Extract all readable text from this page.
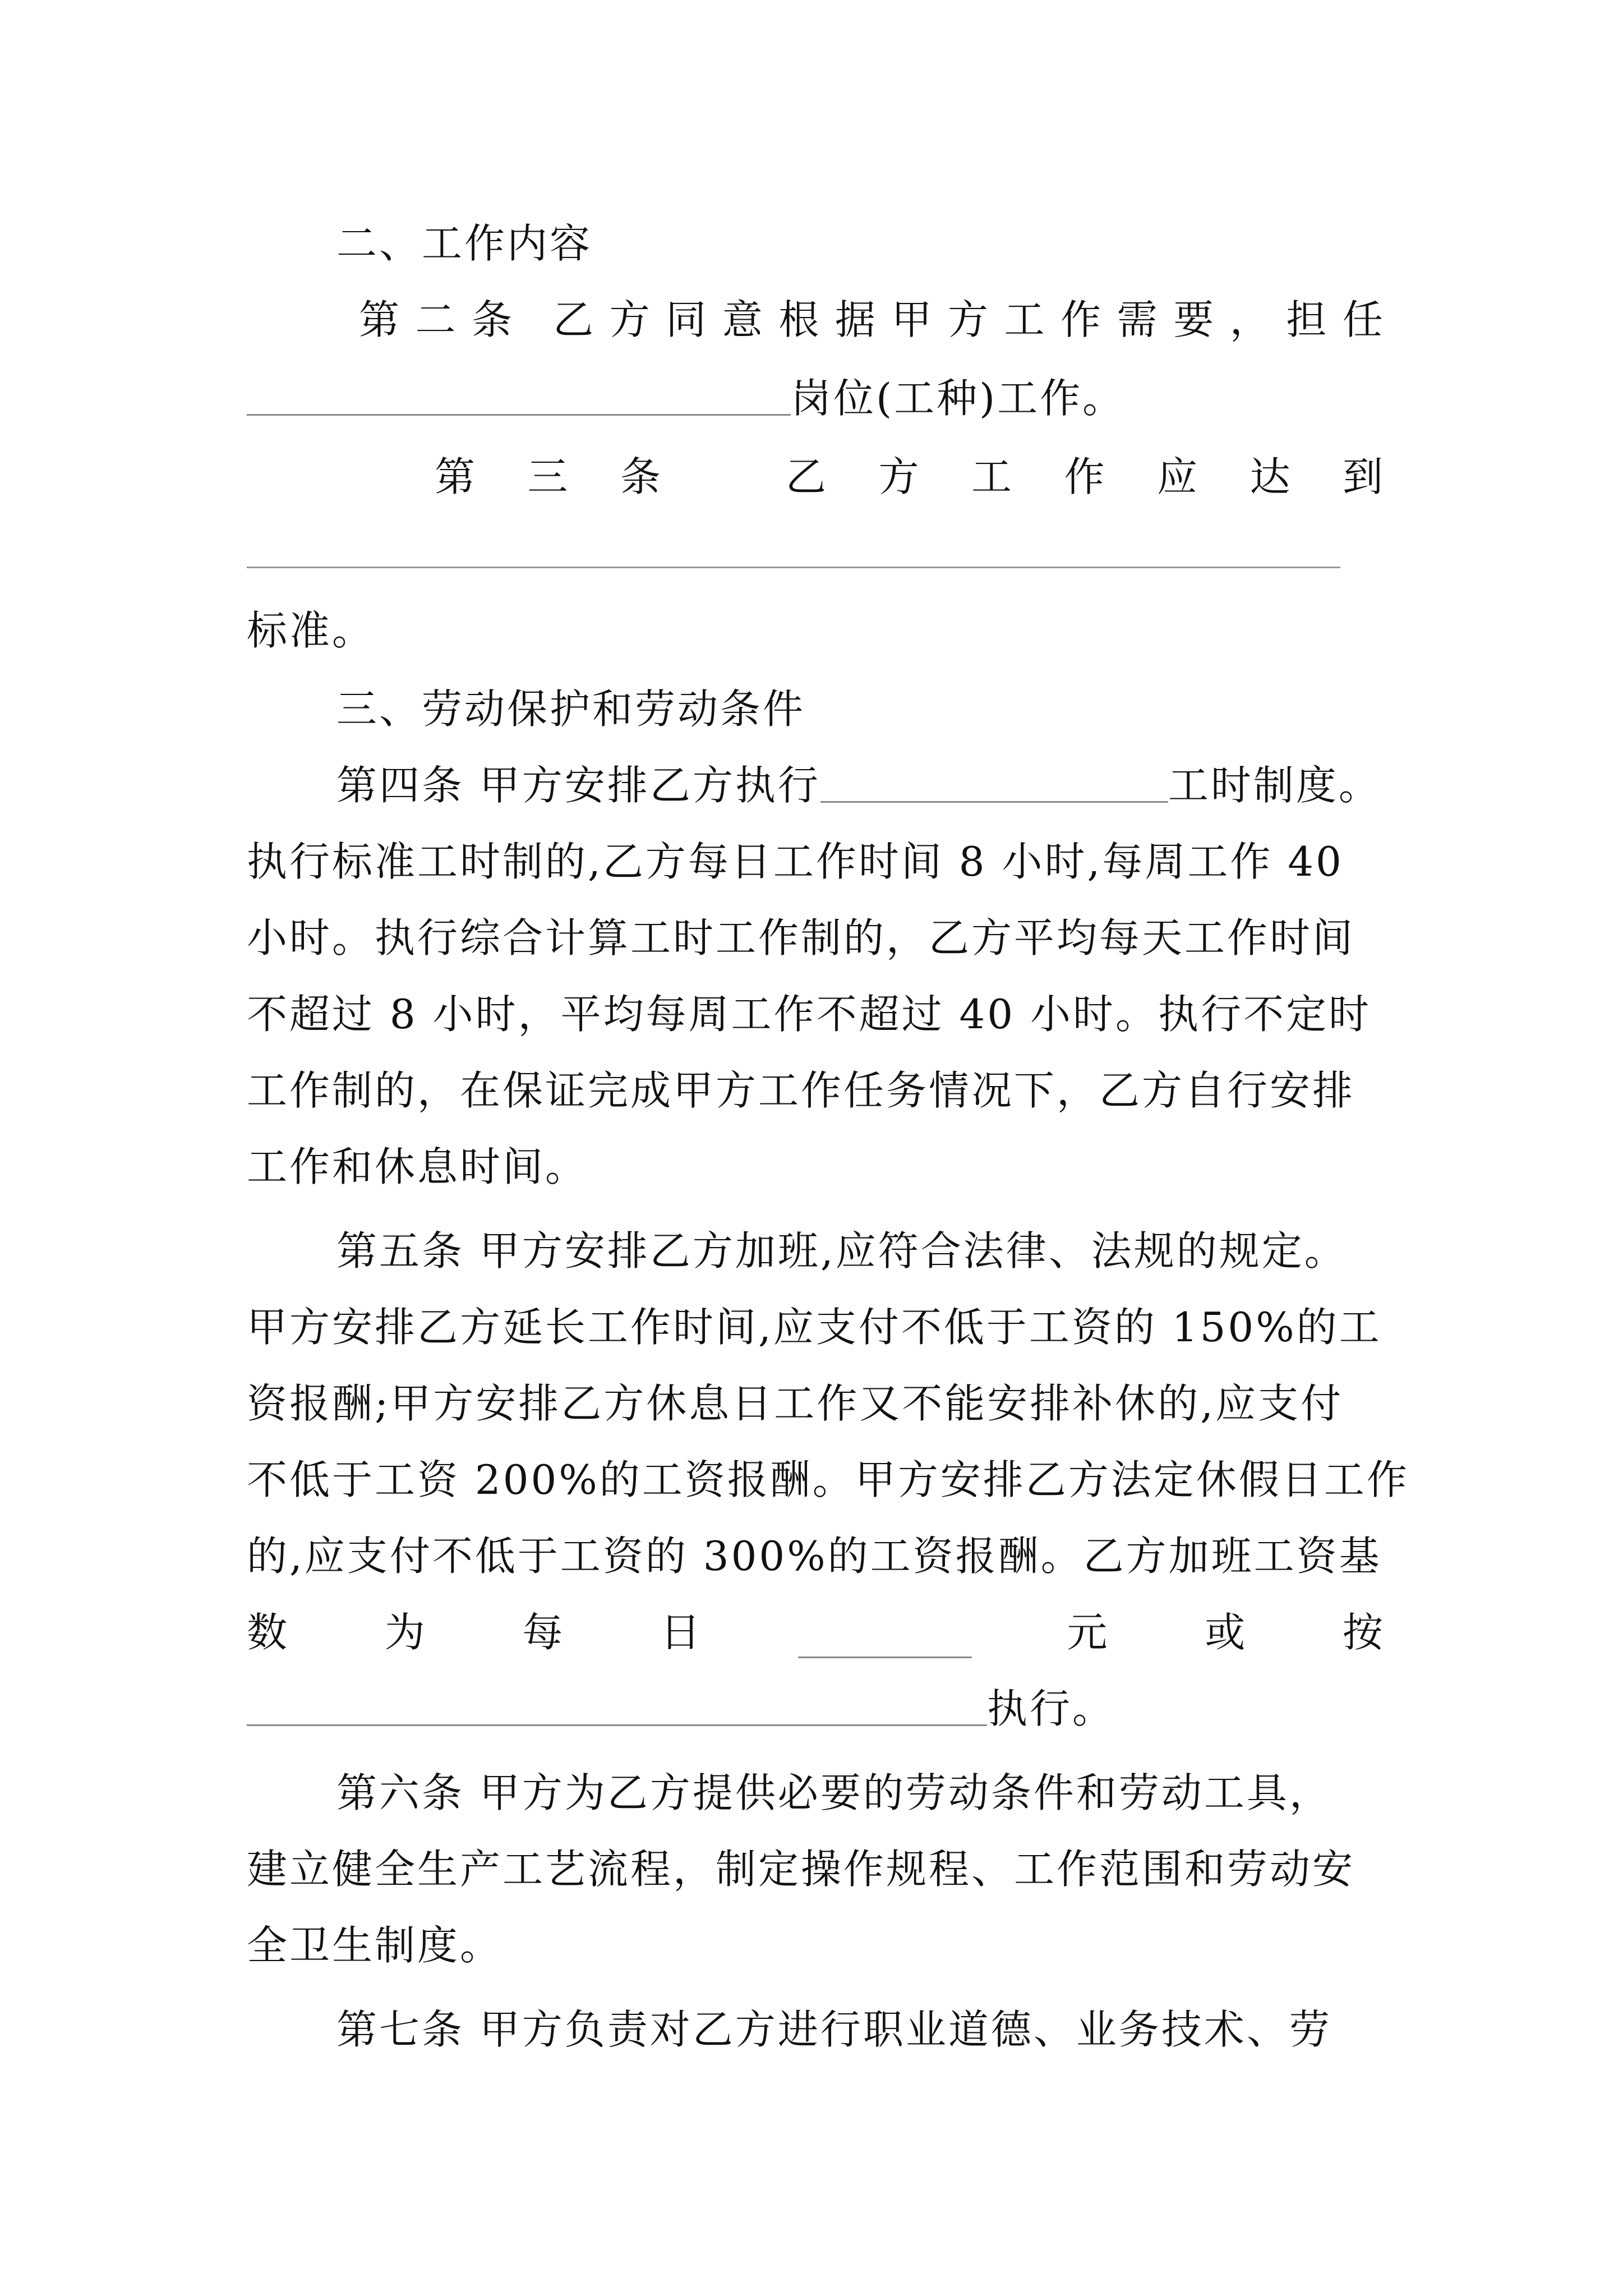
二、工作内容
第 二 条 乙 方 同 意 根 据 甲 方 工 作 需 要 ， 担 任
岗位(工种)工作。
第 三 条	乙 方 工 作 应 达 到
标准。
三、劳动保护和劳动条件
第四条 甲方安排乙方执行	工时制度。
执行标准工时制的,乙方每日工作时间 8 小时,每周工作 40
小时。执行综合计算工时工作制的，乙方平均每天工作时间
不超过 8 小时，平均每周工作不超过 40 小时。执行不定时
工作制的，在保证完成甲方工作任务情况下，乙方自行安排
工作和休息时间。
第五条 甲方安排乙方加班,应符合法律、法规的规定。
甲方安排乙方延长工作时间,应支付不低于工资的 150%的工
资报酬;甲方安排乙方休息日工作又不能安排补休的,应支付
不低于工资 200%的工资报酬。甲方安排乙方法定休假日工作
的,应支付不低于工资的 300%的工资报酬。乙方加班工资基
数 为 每 日	元 或 按
执行。
第六条 甲方为乙方提供必要的劳动条件和劳动工具，
建立健全生产工艺流程，制定操作规程、工作范围和劳动安
全卫生制度。
第七条 甲方负责对乙方进行职业道德、业务技术、劳
